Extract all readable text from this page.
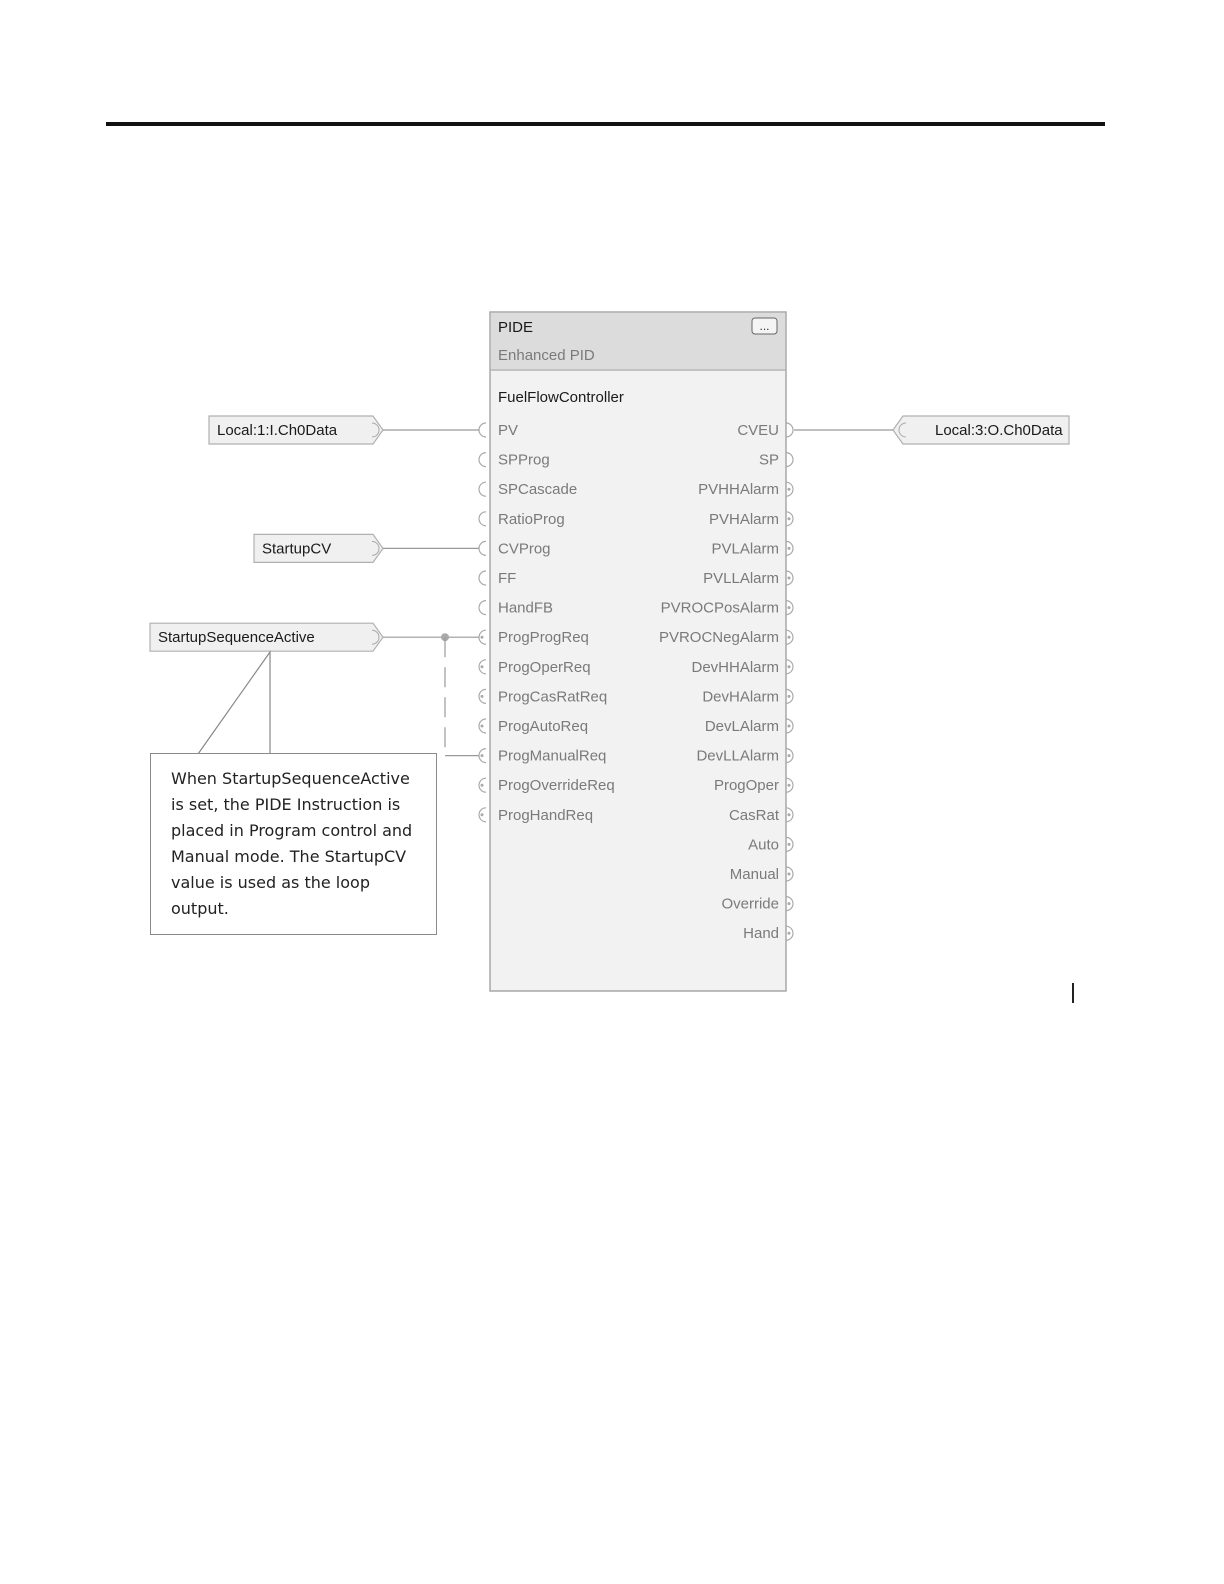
PIDE
Enhanced PID
FuelFlowController
...
PV
SPProg
SPCascade
RatioProg
CVProg
FF
HandFB
ProgProgReq
ProgOperReq
ProgCasRatReq
ProgAutoReq
ProgManualReq
ProgOverrideReq
ProgHandReq
CVEU
SP
PVHHAlarm
PVHAlarm
PVLAlarm
PVLLAlarm
PVROCPosAlarm
PVROCNegAlarm
DevHHAlarm
DevHAlarm
DevLAlarm
DevLLAlarm
ProgOper
CasRat
Auto
Manual
Override
Hand
Local:1:I.Ch0Data
StartupCV
StartupSequenceActive
Local:3:O.Ch0Data
When StartupSequenceActive
is set, the PIDE Instruction is
placed in Program control and
Manual mode. The StartupCV
value is used as the loop
output.
